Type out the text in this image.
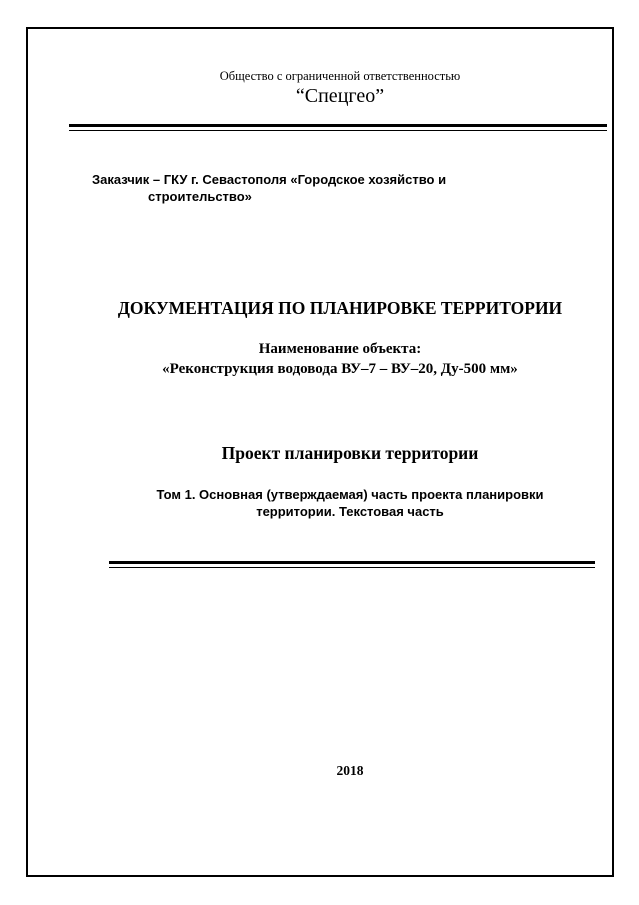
Общество с ограниченной ответственностью
“Спецгео”
Заказчик – ГКУ г. Севастополя «Городское хозяйство и
строительство»
ДОКУМЕНТАЦИЯ ПО ПЛАНИРОВКЕ ТЕРРИТОРИИ
Наименование объекта:
«Реконструкция водовода ВУ–7 – ВУ–20, Ду-500 мм»
Проект планировки территории
Том 1. Основная (утверждаемая) часть проекта планировки
территории. Текстовая часть
2018
